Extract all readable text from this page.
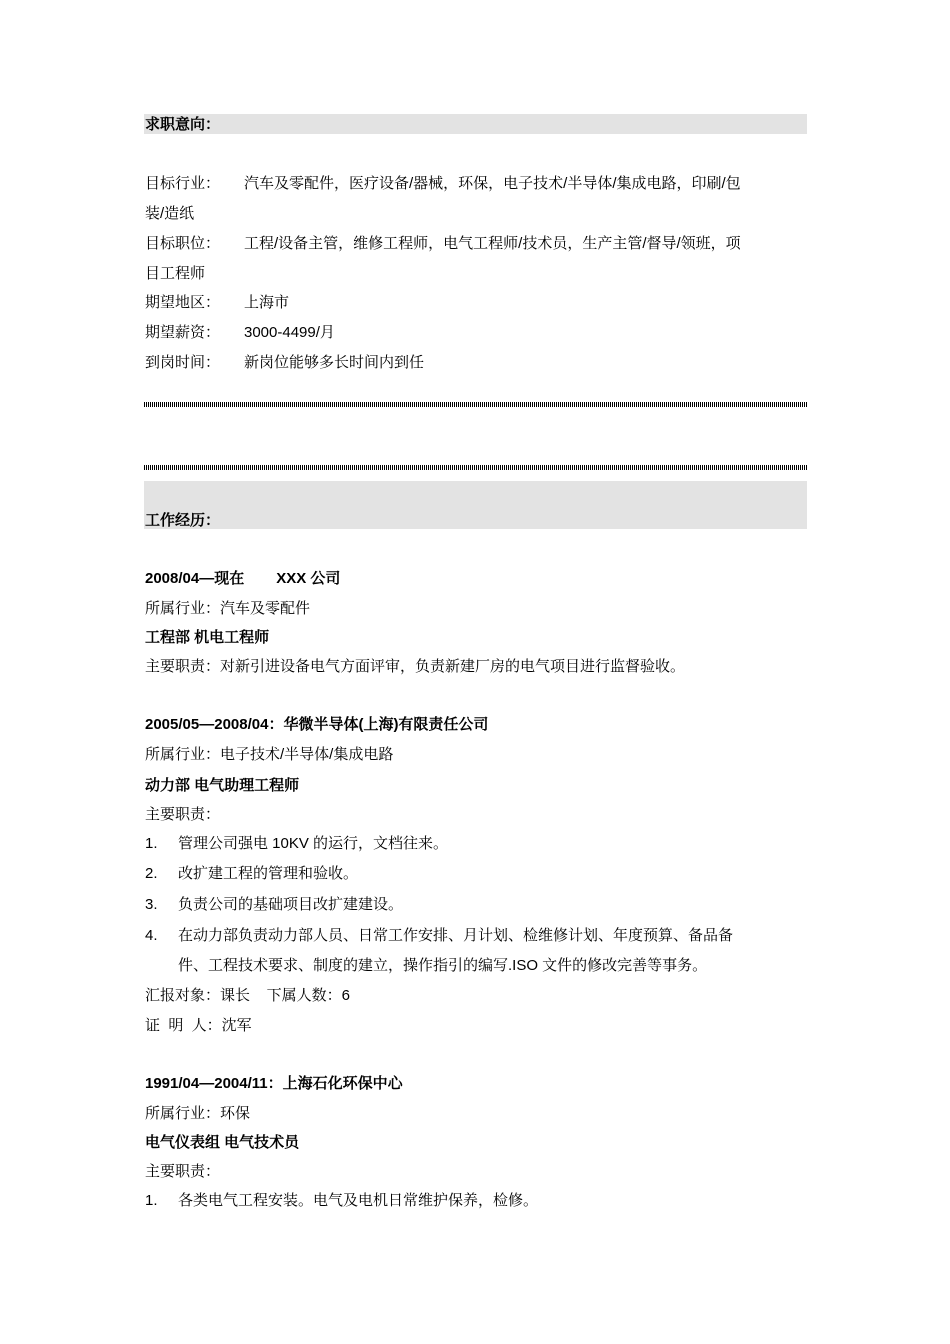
求职意向：
目标行业： 汽车及零配件，医疗设备/器械，环保，电子技术/半导体/集成电路，印刷/包
装/造纸
目标职位： 工程/设备主管，维修工程师，电气工程师/技术员，生产主管/督导/领班，项
目工程师
期望地区： 上海市
期望薪资： 3000-4499/月
到岗时间： 新岗位能够多长时间内到任
工作经历：
2008/04—现在 XXX 公司
所属行业：汽车及零配件
工程部 机电工程师
主要职责：对新引进设备电气方面评审，负责新建厂房的电气项目进行监督验收。
2005/05—2008/04：华微半导体(上海)有限责任公司
所属行业：电子技术/半导体/集成电路
动力部 电气助理工程师
主要职责：
1. 管理公司强电 10KV 的运行，文档往来。
2. 改扩建工程的管理和验收。
3. 负责公司的基础项目改扩建建设。
4. 在动力部负责动力部人员、日常工作安排、月计划、检维修计划、年度预算、备品备
件、工程技术要求、制度的建立，操作指引的编写.ISO 文件的修改完善等事务。
汇报对象：课长    下属人数：6
证  明  人：沈军
1991/04—2004/11：上海石化环保中心
所属行业：环保
电气仪表组 电气技术员
主要职责：
1. 各类电气工程安装。电气及电机日常维护保养，检修。
